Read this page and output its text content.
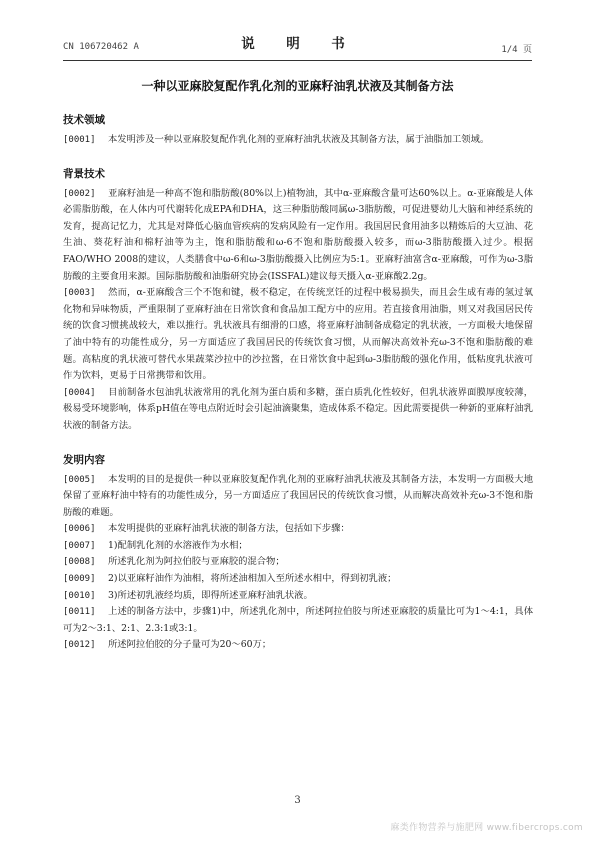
CN 106720462 A	说　明　书	1/4 页
一种以亚麻胶复配作乳化剂的亚麻籽油乳状液及其制备方法
技术领域

[0001] 本发明涉及一种以亚麻胶复配作乳化剂的亚麻籽油乳状液及其制备方法，属于油脂加工领域。

背景技术

[0002] 亚麻籽油是一种高不饱和脂肪酸(80%以上)植物油，其中α-亚麻酸含量可达60%以上。α-亚麻酸是人体必需脂肪酸，在人体内可代谢转化成EPA和DHA，这三种脂肪酸同属ω-3脂肪酸，可促进婴幼儿大脑和神经系统的发育，提高记忆力，尤其是对降低心脑血管疾病的发病风险有一定作用。我国居民食用油多以精炼后的大豆油、花生油、葵花籽油和棉籽油等为主，饱和脂肪酸和ω-6不饱和脂肪酸摄入较多，而ω-3脂肪酸摄入过少。根据FAO/WHO 2008的建议，人类膳食中ω-6和ω-3脂肪酸摄入比例应为5:1。亚麻籽油富含α-亚麻酸，可作为ω-3脂肪酸的主要食用来源。国际脂肪酸和油脂研究协会(ISSFAL)建议每天摄入α-亚麻酸2.2g。

[0003] 然而，α-亚麻酸含三个不饱和键，极不稳定，在传统烹饪的过程中极易损失，而且会生成有毒的氢过氧化物和异味物质，严重限制了亚麻籽油在日常饮食和食品加工配方中的应用。若直接食用油脂，则又对我国居民传统的饮食习惯挑战较大，难以推行。乳状液具有细滑的口感，将亚麻籽油制备成稳定的乳状液，一方面极大地保留了油中特有的功能性成分，另一方面适应了我国居民的传统饮食习惯，从而解决高效补充ω-3不饱和脂肪酸的难题。高粘度的乳状液可替代水果蔬菜沙拉中的沙拉酱，在日常饮食中起到ω-3脂肪酸的强化作用，低粘度乳状液可作为饮料，更易于日常携带和饮用。

[0004] 目前制备水包油乳状液常用的乳化剂为蛋白质和多糖，蛋白质乳化性较好，但乳状液界面膜厚度较薄，极易受环境影响，体系pH值在等电点附近时会引起油滴聚集，造成体系不稳定。因此需要提供一种新的亚麻籽油乳状液的制备方法。

发明内容

[0005] 本发明的目的是提供一种以亚麻胶复配作乳化剂的亚麻籽油乳状液及其制备方法，本发明一方面极大地保留了亚麻籽油中特有的功能性成分，另一方面适应了我国居民的传统饮食习惯，从而解决高效补充ω-3不饱和脂肪酸的难题。

[0006] 本发明提供的亚麻籽油乳状液的制备方法，包括如下步骤：

[0007] 1)配制乳化剂的水溶液作为水相；

[0008] 所述乳化剂为阿拉伯胶与亚麻胶的混合物；

[0009] 2)以亚麻籽油作为油相，将所述油相加入至所述水相中，得到初乳液；

[0010] 3)所述初乳液经均质，即得所述亚麻籽油乳状液。

[0011] 上述的制备方法中，步骤1)中，所述乳化剂中，所述阿拉伯胶与所述亚麻胶的质量比可为1～4:1，具体可为2～3:1、2:1、2.3:1或3:1。

[0012] 所述阿拉伯胶的分子量可为20～60万；

3
麻类作物营养与施肥网 www.fibercrops.com
